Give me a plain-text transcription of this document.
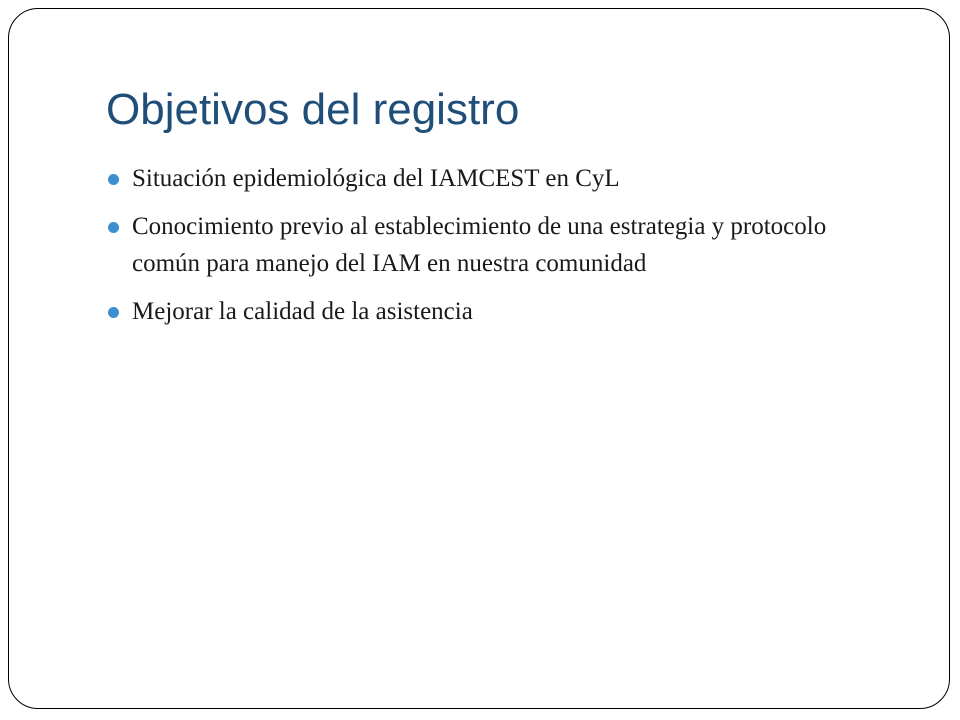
Objetivos del registro
Situación epidemiológica del IAMCEST en CyL
Conocimiento previo al establecimiento de una estrategia y protocolo común para manejo del IAM en nuestra comunidad
Mejorar la calidad de la asistencia
